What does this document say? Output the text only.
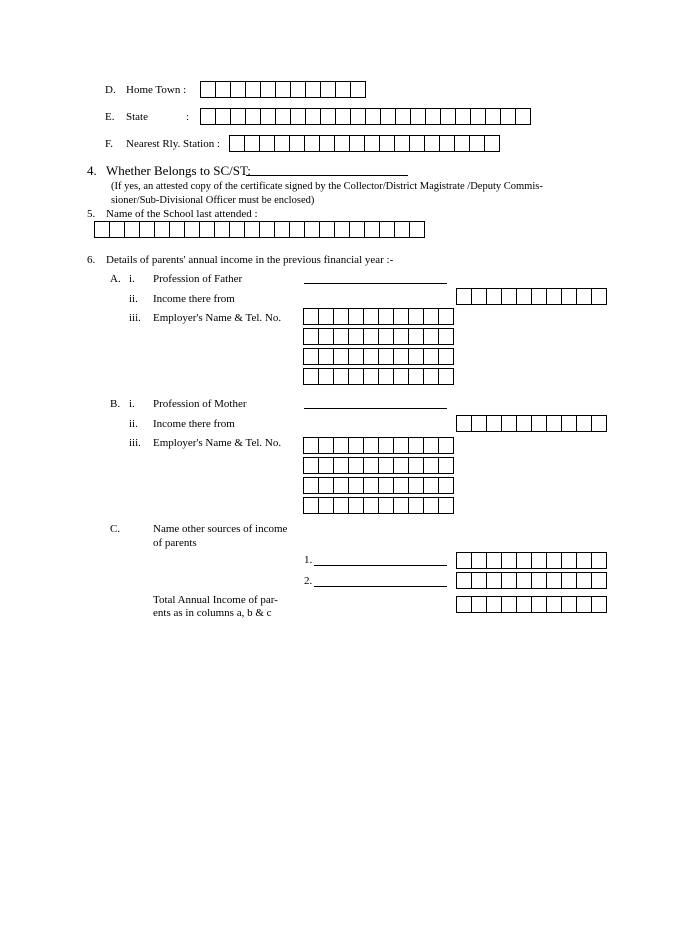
D. Home Town :
E. State	:
F. Nearest Rly. Station :
4. Whether Belongs to SC/ST:
(If yes, an attested copy of the certificate signed by the Collector/District Magistrate /Deputy Commis-
sioner/Sub-Divisional Officer must be enclosed)
5. Name of the School last attended :
6. Details of parents' annual income in the previous financial year :-
A. i. Profession of Father
ii. Income there from
iii. Employer's Name & Tel. No.
B. i. Profession of Mother
ii. Income there from
iii. Employer's Name & Tel. No.
C.	Name other sources of income
of parents
1.
2.
Total Annual Income of par-
ents as in columns a, b & c
